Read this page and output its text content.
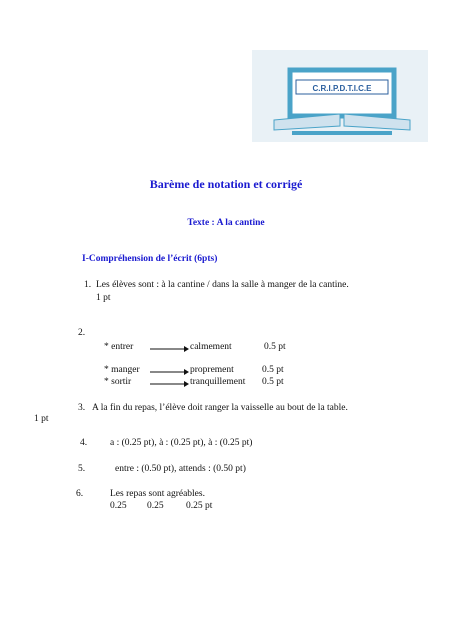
C.R.I.P.D.T.I.C.E
Barème de notation et corrigé
Texte : A la cantine
I-Compréhension de l’écrit (6pts)
1. Les élèves sont : à la cantine / dans la salle à manger de la cantine.
1 pt
2.
* entrer	calmement	0.5 pt
* manger	proprement	0.5 pt
* sortir	tranquillement 0.5 pt
3. A la fin du repas, l’élève doit ranger la vaisselle au bout de la table.
1 pt
4. a : (0.25 pt), à : (0.25 pt), à : (0.25 pt)
5.	entre : (0.50 pt), attends : (0.50 pt)
6.	Les repas sont agréables.
0.25 0.25 0.25 pt
